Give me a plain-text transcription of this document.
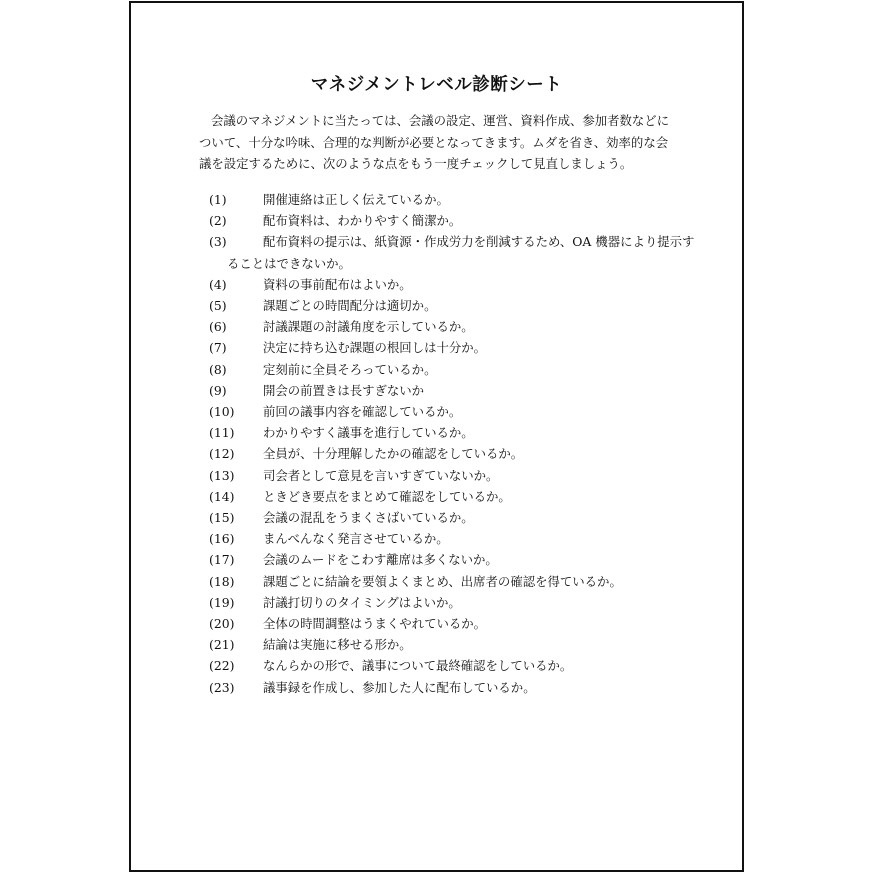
マネジメントレベル診断シート
会議のマネジメントに当たっては、会議の設定、運営、資料作成、参加者数などに
ついて、十分な吟味、合理的な判断が必要となってきます。ムダを省き、効率的な会
議を設定するために、次のような点をもう一度チェックして見直しましょう。
(1)	開催連絡は正しく伝えているか。
(2)	配布資料は、わかりやすく簡潔か。
(3)	配布資料の提示は、紙資源・作成労力を削減するため、OA 機器により提示す
ることはできないか。
(4)	資料の事前配布はよいか。
(5)	課題ごとの時間配分は適切か。
(6)	討議課題の討議角度を示しているか。
(7)	決定に持ち込む課題の根回しは十分か。
(8)	定刻前に全員そろっているか。
(9)	開会の前置きは長すぎないか
(10)	前回の議事内容を確認しているか。
(11)	わかりやすく議事を進行しているか。
(12)	全員が、十分理解したかの確認をしているか。
(13)	司会者として意見を言いすぎていないか。
(14)	ときどき要点をまとめて確認をしているか。
(15)	会議の混乱をうまくさばいているか。
(16)	まんべんなく発言させているか。
(17)	会議のムードをこわす離席は多くないか。
(18)	課題ごとに結論を要領よくまとめ、出席者の確認を得ているか。
(19)	討議打切りのタイミングはよいか。
(20)	全体の時間調整はうまくやれているか。
(21)	結論は実施に移せる形か。
(22)	なんらかの形で、議事について最終確認をしているか。
(23)	議事録を作成し、参加した人に配布しているか。
